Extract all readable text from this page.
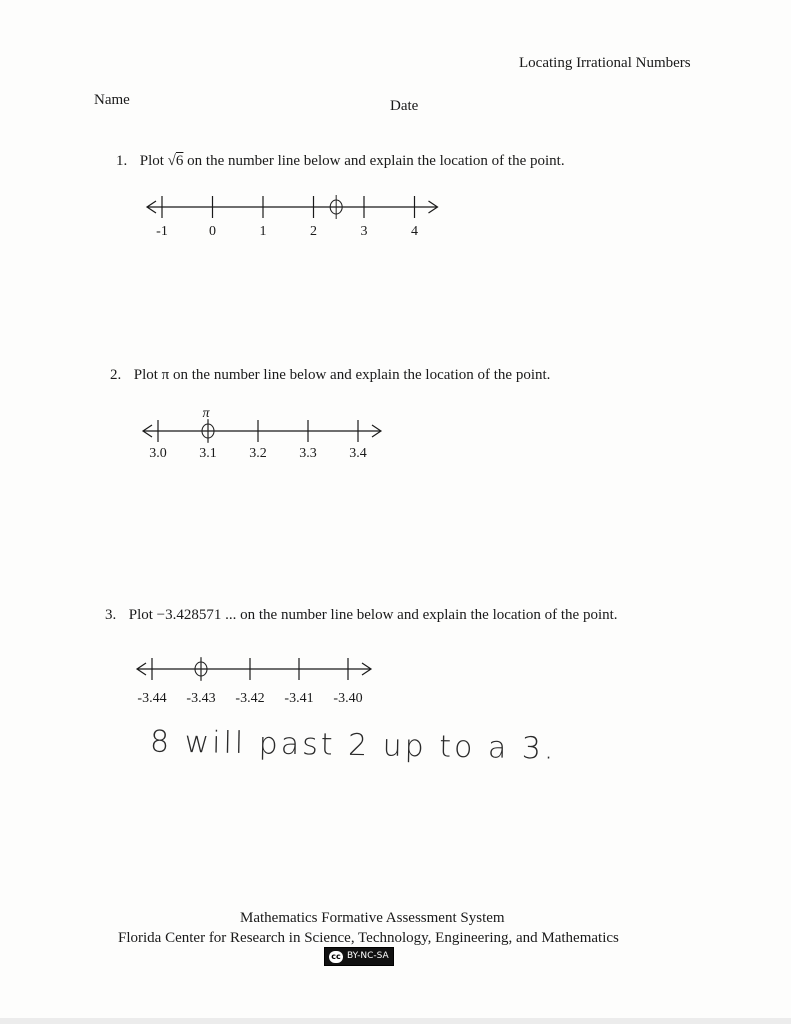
Locating Irrational Numbers
Name	Date
1. Plot √6 on the number line below and explain the location of the point.
-1	0	1	2	3	4
2. Plot π on the number line below and explain the location of the point.
3.0 3.1 3.2 3.3 3.4
π
3. Plot −3.428571 ... on the number line below and explain the location of the point.
-3.44 -3.43 -3.42 -3.41 -3.40
8 will past 2 up to a 3.
Mathematics Formative Assessment System
Florida Center for Research in Science, Technology, Engineering, and Mathematics
cc BY-NC-SA
